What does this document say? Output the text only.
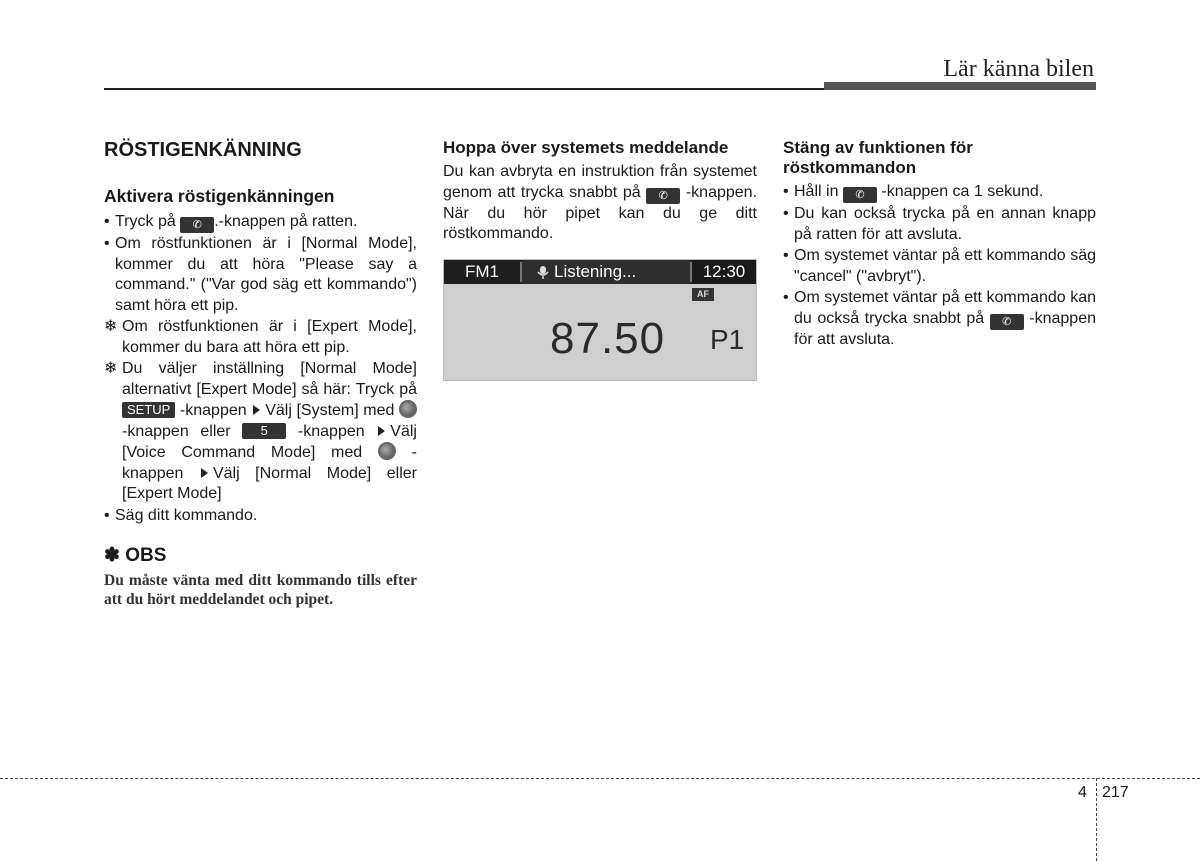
Lär känna bilen
RÖSTIGENKÄNNING
Aktivera röstigenkänningen
• Tryck på ✆ .-knappen på ratten.
• Om röstfunktionen är i [Normal Mode], kommer du att höra "Please say a command." ("Var god säg ett kommando") samt höra ett pip.
❄ Om röstfunktionen är i [Expert Mode], kommer du bara att höra ett pip.
❄ Du väljer inställning [Normal Mode] alternativt [Expert Mode] så här: Tryck på SETUP -knappen Välj [System] med  -knappen eller 5 -knappen Välj [Voice Command Mode] med	-knappen Välj [Normal Mode] eller [Expert Mode]
• Säg ditt kommando.
✽ OBS
Du måste vänta med ditt kommando tills efter att du hört meddelandet och pipet.
Hoppa över systemets meddelande

Du kan avbryta en instruktion från systemet genom att trycka snabbt på ✆ -knappen. När du hör pipet kan du ge ditt röstkommando.

FM1	Listening...	12:30
AF
87.50 P1
Stäng av funktionen för röstkommandon
• Håll in ✆ -knappen ca 1 sekund.
• Du kan också trycka på en annan knapp på ratten för att avsluta.
• Om systemet väntar på ett kommando säg "cancel" ("avbryt").
• Om systemet väntar på ett kommando kan du också trycka snabbt på ✆ -knappen för att avsluta.
4 217
